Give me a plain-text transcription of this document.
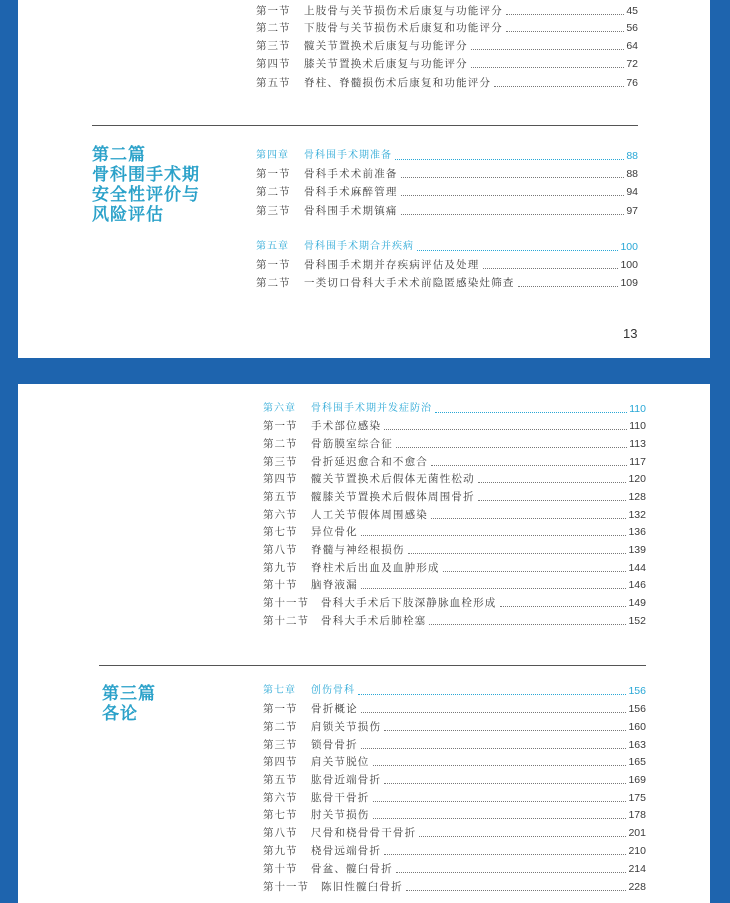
第一节	上肢骨与关节损伤术后康复与功能评分	45
第二节	下肢骨与关节损伤术后康复和功能评分	56
第三节	髋关节置换术后康复与功能评分	64
第四节	膝关节置换术后康复与功能评分	72
第五节	脊柱、脊髓损伤术后康复和功能评分	76
第二篇
骨科围手术期
安全性评价与
风险评估
第四章	骨科围手术期准备	88
第一节	骨科手术术前准备	88
第二节	骨科手术麻醉管理	94
第三节	骨科围手术期镇痛	97
第五章	骨科围手术期合并疾病	100
第一节	骨科围手术期并存疾病评估及处理	100
第二节	一类切口骨科大手术术前隐匿感染灶筛查	109
13
第六章	骨科围手术期并发症防治	110
第一节	手术部位感染	110
第二节	骨筋膜室综合征	113
第三节	骨折延迟愈合和不愈合	117
第四节	髋关节置换术后假体无菌性松动	120
第五节	髋膝关节置换术后假体周围骨折	128
第六节	人工关节假体周围感染	132
第七节	异位骨化	136
第八节	脊髓与神经根损伤	139
第九节	脊柱术后出血及血肿形成	144
第十节	脑脊液漏	146
第十一节	骨科大手术后下肢深静脉血栓形成	149
第十二节	骨科大手术后肺栓塞	152
第三篇
各论
第七章	创伤骨科	156
第一节	骨折概论	156
第二节	肩锁关节损伤	160
第三节	锁骨骨折	163
第四节	肩关节脱位	165
第五节	肱骨近端骨折	169
第六节	肱骨干骨折	175
第七节	肘关节损伤	178
第八节	尺骨和桡骨骨干骨折	201
第九节	桡骨远端骨折	210
第十节	骨盆、髋臼骨折	214
第十一节	陈旧性髋臼骨折	228
